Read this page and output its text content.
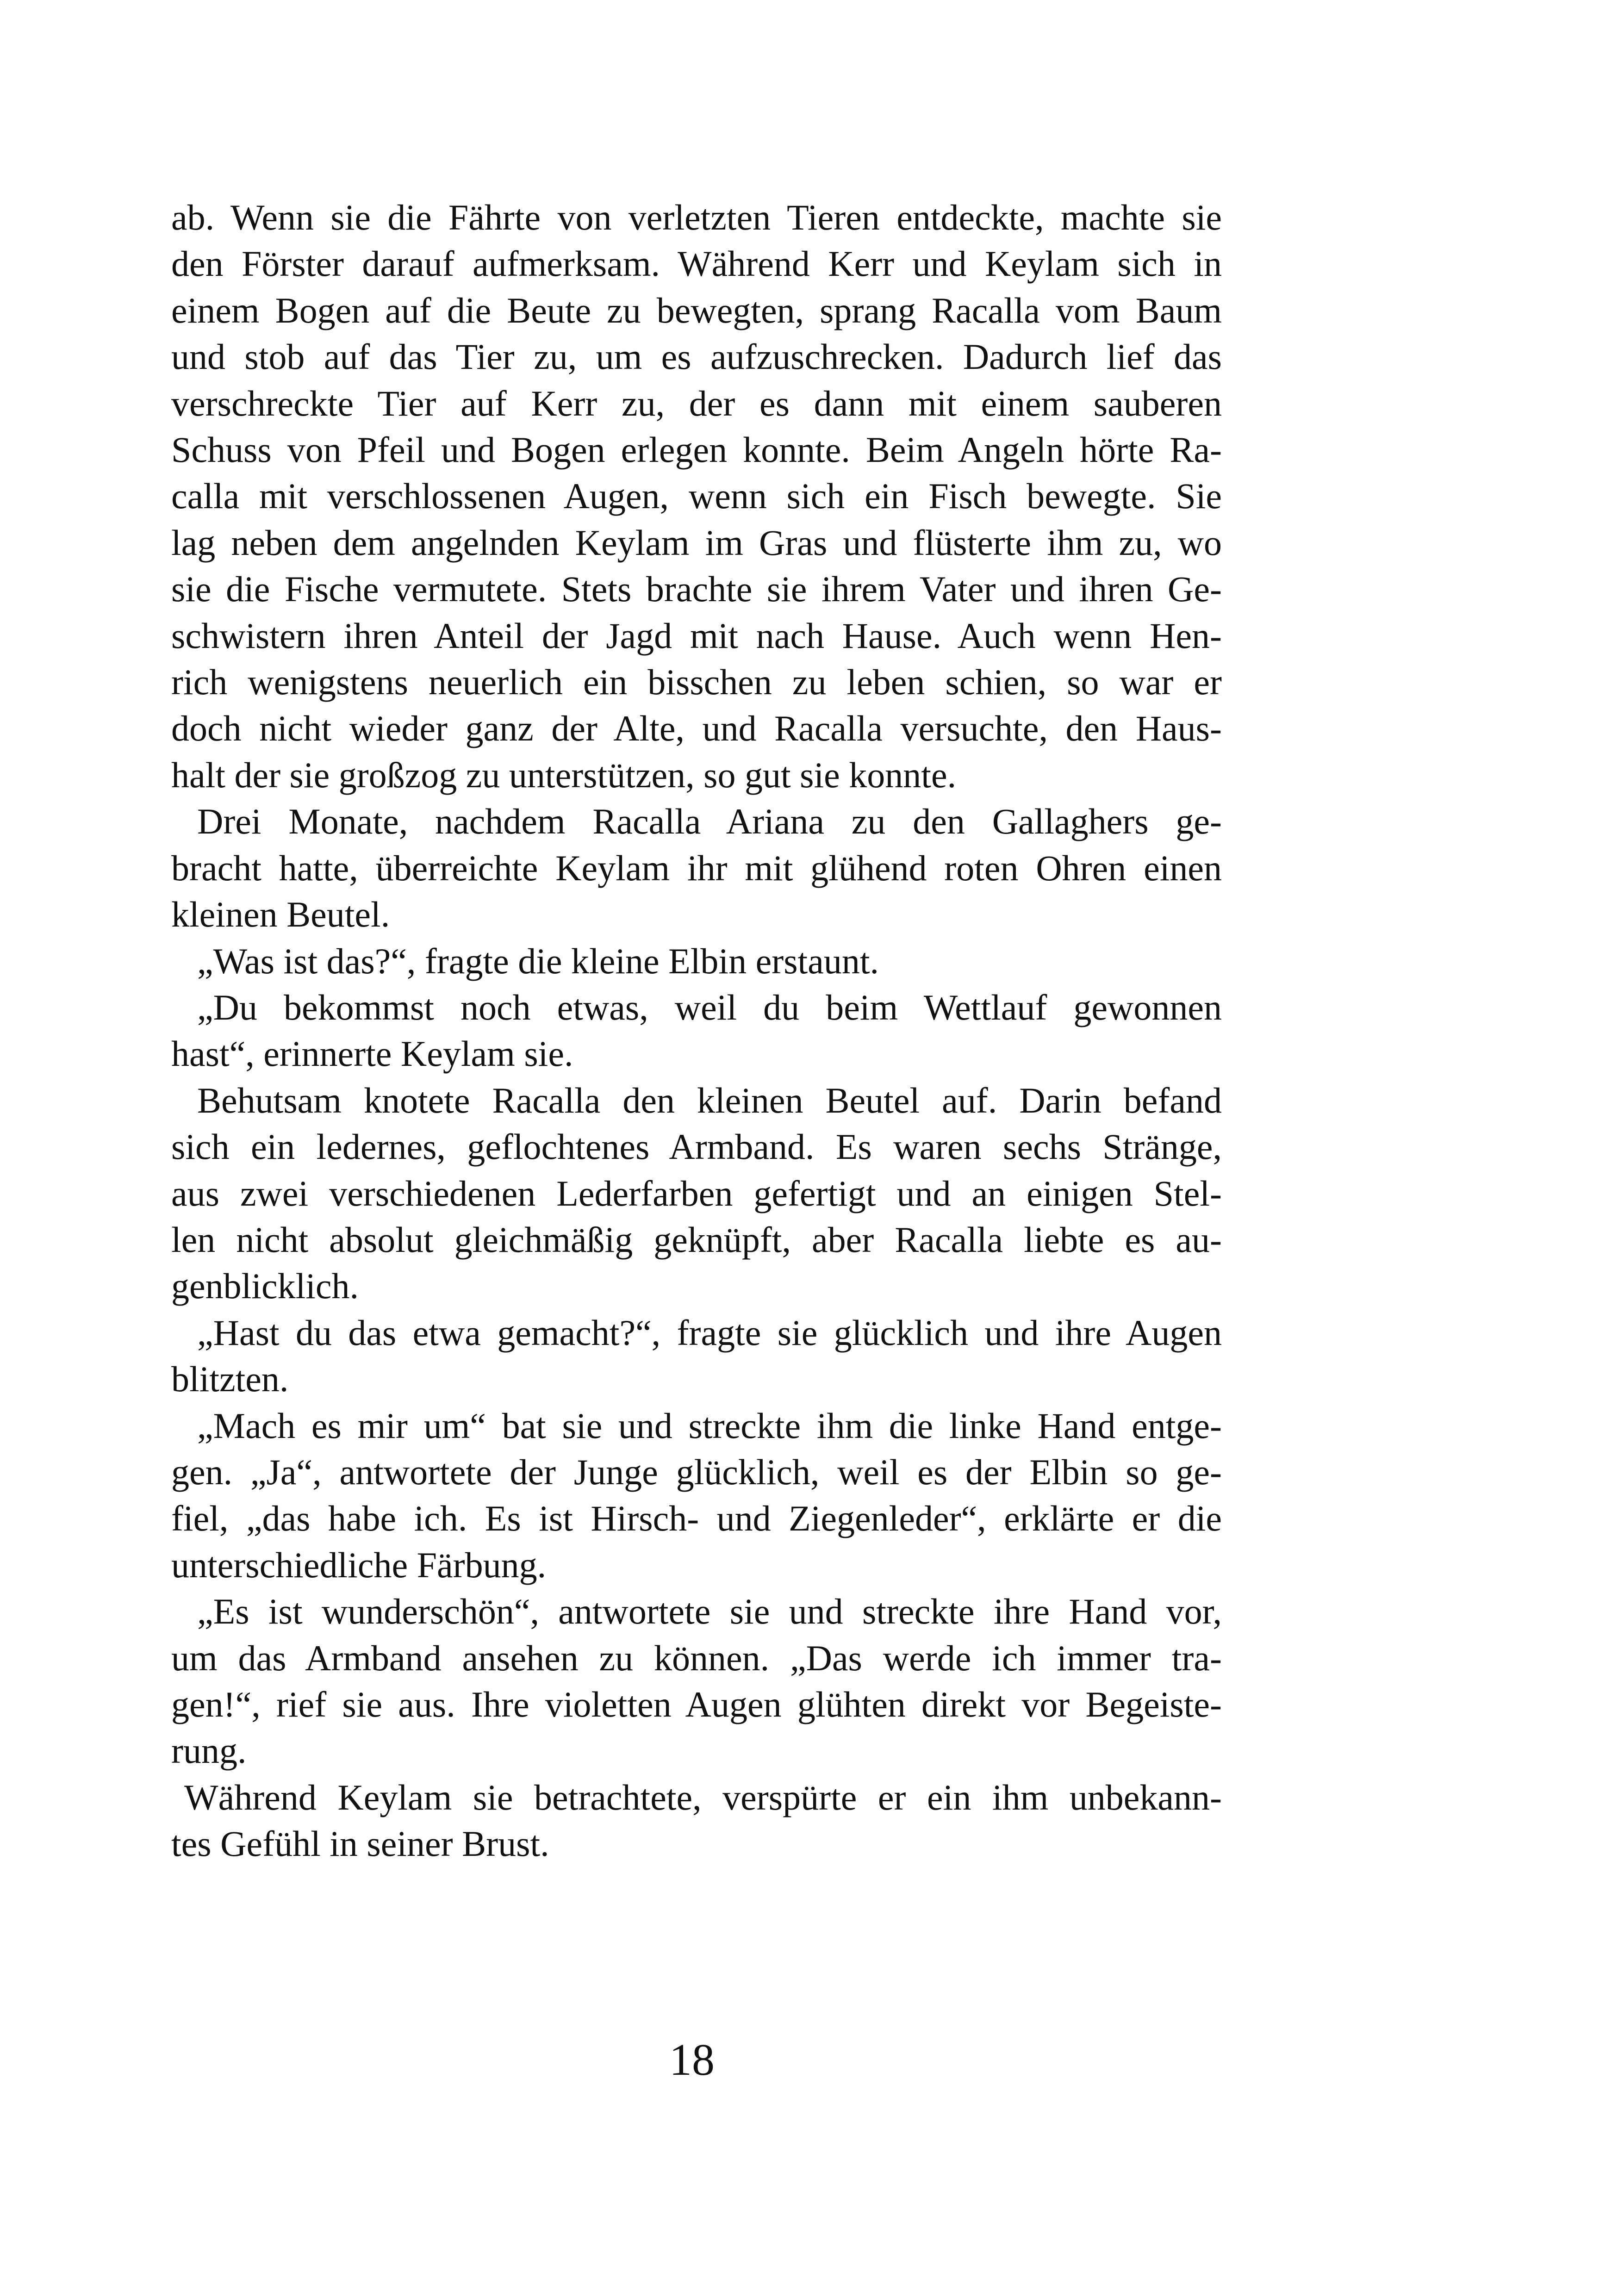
ab. Wenn sie die Fährte von verletzten Tieren entdeckte, machte sie
den Förster darauf aufmerksam. Während Kerr und Keylam sich in
einem Bogen auf die Beute zu bewegten, sprang Racalla vom Baum
und stob auf das Tier zu, um es aufzuschrecken. Dadurch lief das
verschreckte Tier auf Kerr zu, der es dann mit einem sauberen
Schuss von Pfeil und Bogen erlegen konnte. Beim Angeln hörte Ra-
calla mit verschlossenen Augen, wenn sich ein Fisch bewegte. Sie
lag neben dem angelnden Keylam im Gras und flüsterte ihm zu, wo
sie die Fische vermutete. Stets brachte sie ihrem Vater und ihren Ge-
schwistern ihren Anteil der Jagd mit nach Hause. Auch wenn Hen-
rich wenigstens neuerlich ein bisschen zu leben schien, so war er
doch nicht wieder ganz der Alte, und Racalla versuchte, den Haus-
halt der sie großzog zu unterstützen, so gut sie konnte.
Drei Monate, nachdem Racalla Ariana zu den Gallaghers ge-
bracht hatte, überreichte Keylam ihr mit glühend roten Ohren einen
kleinen Beutel.
„Was ist das?“, fragte die kleine Elbin erstaunt.
„Du bekommst noch etwas, weil du beim Wettlauf gewonnen
hast“, erinnerte Keylam sie.
Behutsam knotete Racalla den kleinen Beutel auf. Darin befand
sich ein ledernes, geflochtenes Armband. Es waren sechs Stränge,
aus zwei verschiedenen Lederfarben gefertigt und an einigen Stel-
len nicht absolut gleichmäßig geknüpft, aber Racalla liebte es au-
genblicklich.
„Hast du das etwa gemacht?“, fragte sie glücklich und ihre Augen
blitzten.
„Mach es mir um“ bat sie und streckte ihm die linke Hand entge-
gen. „Ja“, antwortete der Junge glücklich, weil es der Elbin so ge-
fiel, „das habe ich. Es ist Hirsch- und Ziegenleder“, erklärte er die
unterschiedliche Färbung.
„Es ist wunderschön“, antwortete sie und streckte ihre Hand vor,
um das Armband ansehen zu können. „Das werde ich immer tra-
gen!“, rief sie aus. Ihre violetten Augen glühten direkt vor Begeiste-
rung.
Während Keylam sie betrachtete, verspürte er ein ihm unbekann-
tes Gefühl in seiner Brust.
18
